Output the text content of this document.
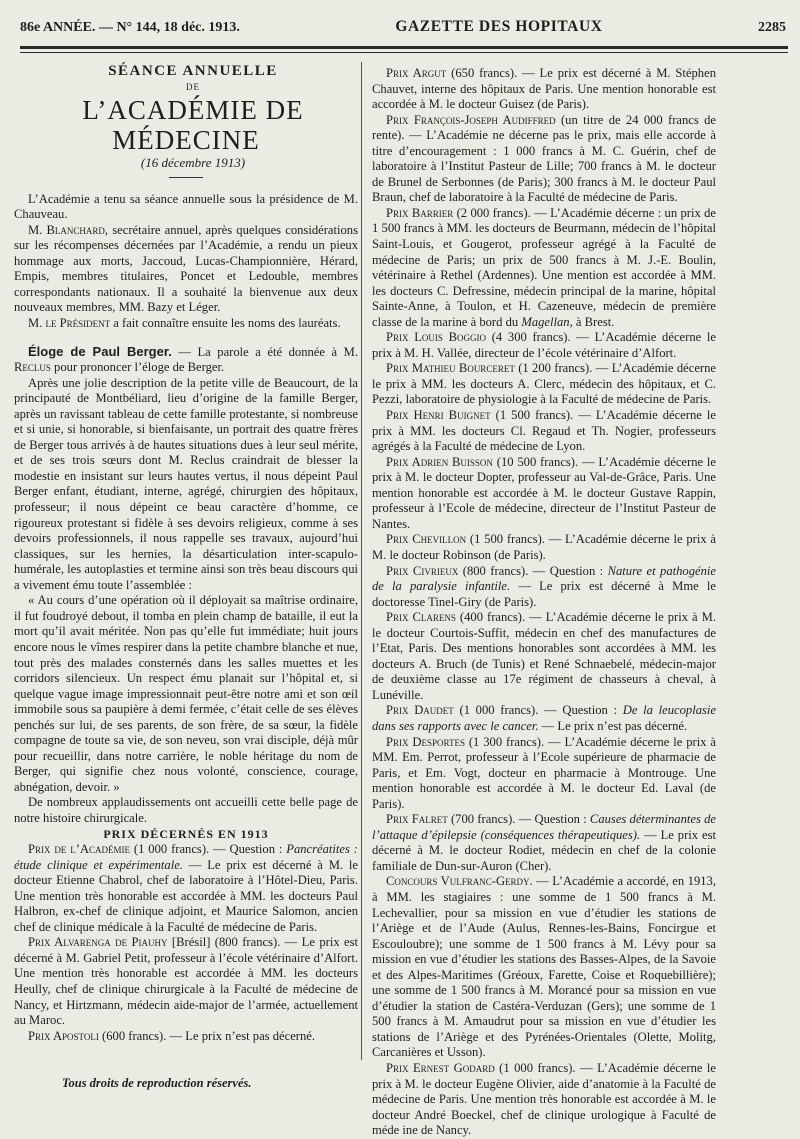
86e ANNÉE. — N° 144, 18 déc. 1913.	GAZETTE DES HOPITAUX	2285

SÉANCE ANNUELLE

DE

L’ACADÉMIE DE MÉDECINE

(16 décembre 1913)

L’Académie a tenu sa séance annuelle sous la présidence de M. Chauveau.

M. Blanchard, secrétaire annuel, après quelques considérations sur les récompenses décernées par l’Académie, a rendu un pieux hommage aux morts, Jaccoud, Lucas-Championnière, Hérard, Empis, membres titulaires, Poncet et Ledouble, membres correspondants nationaux. Il a souhaité la bienvenue aux deux nouveaux membres, MM. Bazy et Léger.

M. le Président a fait connaître ensuite les noms des lauréats.

Éloge de Paul Berger. — La parole a été donnée à M. Reclus pour prononcer l’éloge de Berger.

Après une jolie description de la petite ville de Beaucourt, de la principauté de Montbéliard, lieu d’origine de la famille Berger, après un ravissant tableau de cette famille protestante, si nombreuse et si unie, si honorable, si bienfaisante, un portrait des quatre frères de Berger tous arrivés à de hautes situations dues à leur seul mérite, et de ses trois sœurs dont M. Reclus craindrait de blesser la modestie en insistant sur leurs hautes vertus, il nous dépeint Paul Berger enfant, étudiant, interne, agrégé, chirurgien des hôpitaux, professeur; il nous dépeint ce beau caractère d’homme, ce rigoureux protestant si fidèle à ses devoirs religieux, comme à ses devoirs professionnels, il nous rappelle ses travaux, aujourd’hui classiques, sur les hernies, la désarticulation inter-scapulo-humérale, les autoplasties et termine ainsi son très beau discours qui a vivement ému toute l’assemblée :

« Au cours d’une opération où il déployait sa maîtrise ordinaire, il fut foudroyé debout, il tomba en plein champ de bataille, il eut la mort qu’il avait méritée. Non pas qu’elle fut immédiate; huit jours encore nous le vîmes respirer dans la petite chambre blanche et nue, tout près des malades consternés dans les salles muettes et les corridors silencieux. Un respect ému planait sur l’hôpital et, si quelque vague image impressionnait peut-être notre ami et son œil immobile sous sa paupière à demi fermée, c’était celle de ses élèves penchés sur lui, de ses parents, de son frère, de sa sœur, la fidèle compagne de toute sa vie, de son neveu, son vrai disciple, déjà mûr pour recueillir, dans notre carrière, le noble héritage du nom de Berger, qui signifie chez nous volonté, conscience, courage, abnégation, devoir. »

De nombreux applaudissements ont accueilli cette belle page de notre histoire chirurgicale.

PRIX DÉCERNÉS EN 1913

Prix de l’Académie (1 000 francs). — Question : Pancréatites : étude clinique et expérimentale. — Le prix est décerné à M. le docteur Etienne Chabrol, chef de laboratoire à l’Hôtel-Dieu, Paris. Une mention très honorable est accordée à MM. les docteurs Paul Halbron, ex-chef de clinique adjoint, et Maurice Salomon, ancien chef de clinique médicale à la Faculté de médecine de Paris.

Prix Alvarenga de Piauhy [Brésil] (800 francs). — Le prix est décerné à M. Gabriel Petit, professeur à l’école vétérinaire d’Alfort. Une mention très honorable est accordée à MM. les docteurs Heully, chef de clinique chirurgicale à la Faculté de médecine de Nancy, et Hirtzmann, médecin aide-major de l’armée, actuellement au Maroc.

Prix Apostoli (600 francs). — Le prix n’est pas décerné.

Prix Argut (650 francs). — Le prix est décerné à M. Stéphen Chauvet, interne des hôpitaux de Paris. Une mention honorable est accordée à M. le docteur Guisez (de Paris).

Prix François-Joseph Audiffred (un titre de 24 000 francs de rente). — L’Académie ne décerne pas le prix, mais elle accorde à titre d’encouragement : 1 000 francs à M. C. Guérin, chef de laboratoire à l’Institut Pasteur de Lille; 700 francs à M. le docteur de Brunel de Serbonnes (de Paris); 300 francs à M. le docteur Paul Braun, chef de laboratoire à la Faculté de médecine de Paris.

Prix Barrier (2 000 francs). — L’Académie décerne : un prix de 1 500 francs à MM. les docteurs de Beurmann, médecin de l’hôpital Saint-Louis, et Gougerot, professeur agrégé à la Faculté de médecine de Paris; un prix de 500 francs à M. J.-E. Boulin, vétérinaire à Rethel (Ardennes). Une mention est accordée à MM. les docteurs C. Defressine, médecin principal de la marine, hôpital Sainte-Anne, à Toulon, et H. Cazeneuve, médecin de première classe de la marine à bord du Magellan, à Brest.

Prix Louis Boggio (4 300 francs). — L’Académie décerne le prix à M. H. Vallée, directeur de l’école vétérinaire d’Alfort.

Prix Mathieu Bourceret (1 200 francs). — L’Académie décerne le prix à MM. les docteurs A. Clerc, médecin des hôpitaux, et C. Pezzi, laboratoire de physiologie à la Faculté de médecine de Paris.

Prix Henri Buignet (1 500 francs). — L’Académie décerne le prix à MM. les docteurs Cl. Regaud et Th. Nogier, professeurs agrégés à la Faculté de médecine de Lyon.

Prix Adrien Buisson (10 500 francs). — L’Académie décerne le prix à M. le docteur Dopter, professeur au Val-de-Grâce, Paris. Une mention honorable est accordée à M. le docteur Gustave Rappin, professeur à l’Ecole de médecine, directeur de l’Institut Pasteur de Nantes.

Prix Chevillon (1 500 francs). — L’Académie décerne le prix à M. le docteur Robinson (de Paris).

Prix Civrieux (800 francs). — Question : Nature et pathogénie de la paralysie infantile. — Le prix est décerné à Mme le doctoresse Tinel-Giry (de Paris).

Prix Clarens (400 francs). — L’Académie décerne le prix à M. le docteur Courtois-Suffit, médecin en chef des manufactures de l’Etat, Paris. Des mentions honorables sont accordées à MM. les docteurs A. Bruch (de Tunis) et René Schnaebelé, médecin-major de deuxième classe au 17e régiment de chasseurs à cheval, à Lunéville.

Prix Daudet (1 000 francs). — Question : De la leucoplasie dans ses rapports avec le cancer. — Le prix n’est pas décerné.

Prix Desportes (1 300 francs). — L’Académie décerne le prix à MM. Em. Perrot, professeur à l’Ecole supérieure de pharmacie de Paris, et Em. Vogt, docteur en pharmacie à Montrouge. Une mention honorable est accordée à M. le docteur Ed. Laval (de Paris).

Prix Falret (700 francs). — Question : Causes déterminantes de l’attaque d’épilepsie (conséquences thérapeutiques). — Le prix est décerné à M. le docteur Rodiet, médecin en chef de la colonie familiale de Dun-sur-Auron (Cher).

Concours Vulfranc-Gerdy. — L’Académie a accordé, en 1913, à MM. les stagiaires : une somme de 1 500 francs à M. Lechevallier, pour sa mission en vue d’étudier les stations de l’Ariège et de l’Aude (Aulus, Rennes-les-Bains, Foncirgue et Escouloubre); une somme de 1 500 francs à M. Lévy pour sa mission en vue d’étudier les stations des Basses-Alpes, de la Savoie et des Alpes-Maritimes (Gréoux, Farette, Coise et Roquebillière); une somme de 1 500 francs à M. Morancé pour sa mission en vue d’étudier la station de Castéra-Verduzan (Gers); une somme de 1 500 francs à M. Amaudrut pour sa mission en vue d’étudier les stations de l’Ariège et des Pyrénées-Orientales (Olette, Molitg, Carcanières et Usson).

Prix Ernest Godard (1 000 francs). — L’Académie décerne le prix à M. le docteur Eugène Olivier, aide d’anatomie à la Faculté de médecine de Paris. Une mention très honorable est accordée à M. le docteur André Boeckel, chef de clinique urologique à Faculté de méde ine de Nancy.

Tous droits de reproduction réservés.
